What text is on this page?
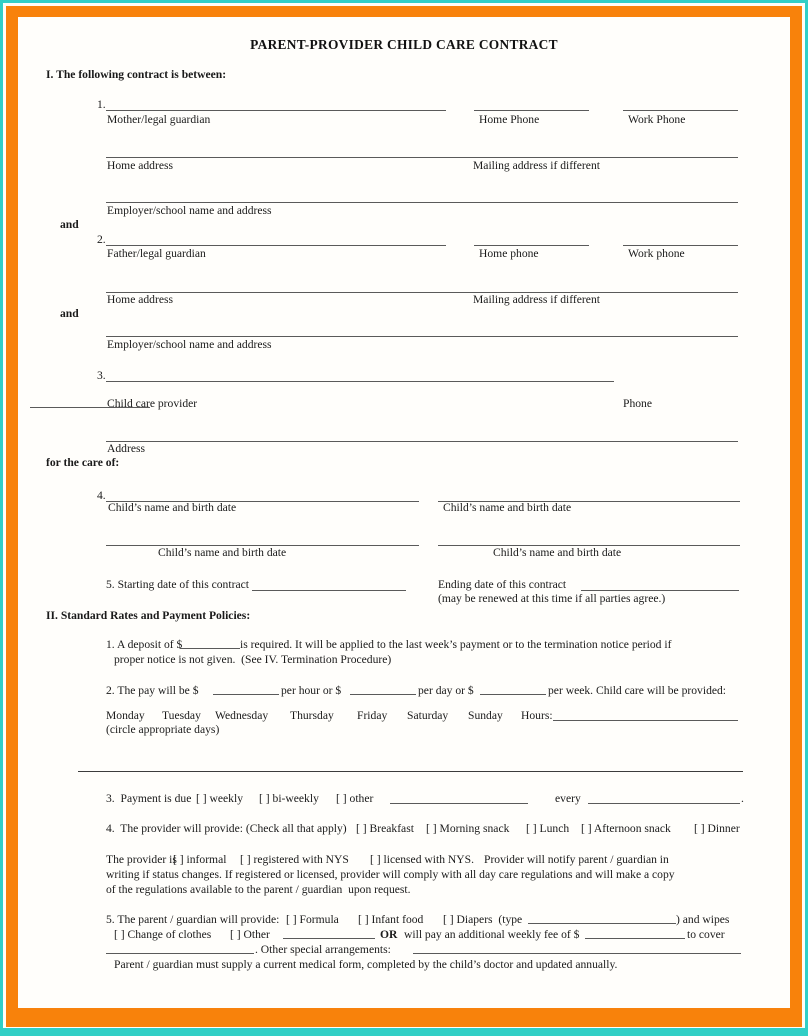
PARENT-PROVIDER CHILD CARE CONTRACT
I. The following contract is between:
1.
Mother/legal guardian	Home Phone	Work Phone
Home address	Mailing address if different
Employer/school name and address
and
2.
Father/legal guardian	Home phone	Work phone
Home address	Mailing address if different
and
Employer/school name and address
3.
Child care provider	Phone
Address
for the care of:
4.
Child’s name and birth date	Child’s name and birth date
Child’s name and birth date	Child’s name and birth date
5. Starting date of this contract	Ending date of this contract
(may be renewed at this time if all parties agree.)
II. Standard Rates and Payment Policies:
1. A deposit of $	is required. It will be applied to the last week’s payment or to the termination notice period if
proper notice is not given.  (See IV. Termination Procedure)
2. The pay will be $	per hour or $	per day or $	per week. Child care will be provided:
Monday Tuesday Wednesday Thursday Friday Saturday Sunday Hours:
(circle appropriate days)
3.  Payment is due [ ] weekly [ ] bi-weekly [ ] other	every	.
4.  The provider will provide: (Check all that apply) [ ] Breakfast [ ] Morning snack [ ] Lunch [ ] Afternoon snack [ ] Dinner
The provider is
[ ] informal [ ] registered with NYS [ ] licensed with NYS. Provider will notify parent / guardian in
writing if status changes. If registered or licensed, provider will comply with all day care regulations and will make a copy
of the regulations available to the parent / guardian  upon request.
5. The parent / guardian will provide: [ ] Formula [ ] Infant food [ ] Diapers  (type	) and wipes
[ ] Change of clothes [ ] Other	OR will pay an additional weekly fee of $	to cover
. Other special arrangements:
Parent / guardian must supply a current medical form, completed by the child’s doctor and updated annually.
